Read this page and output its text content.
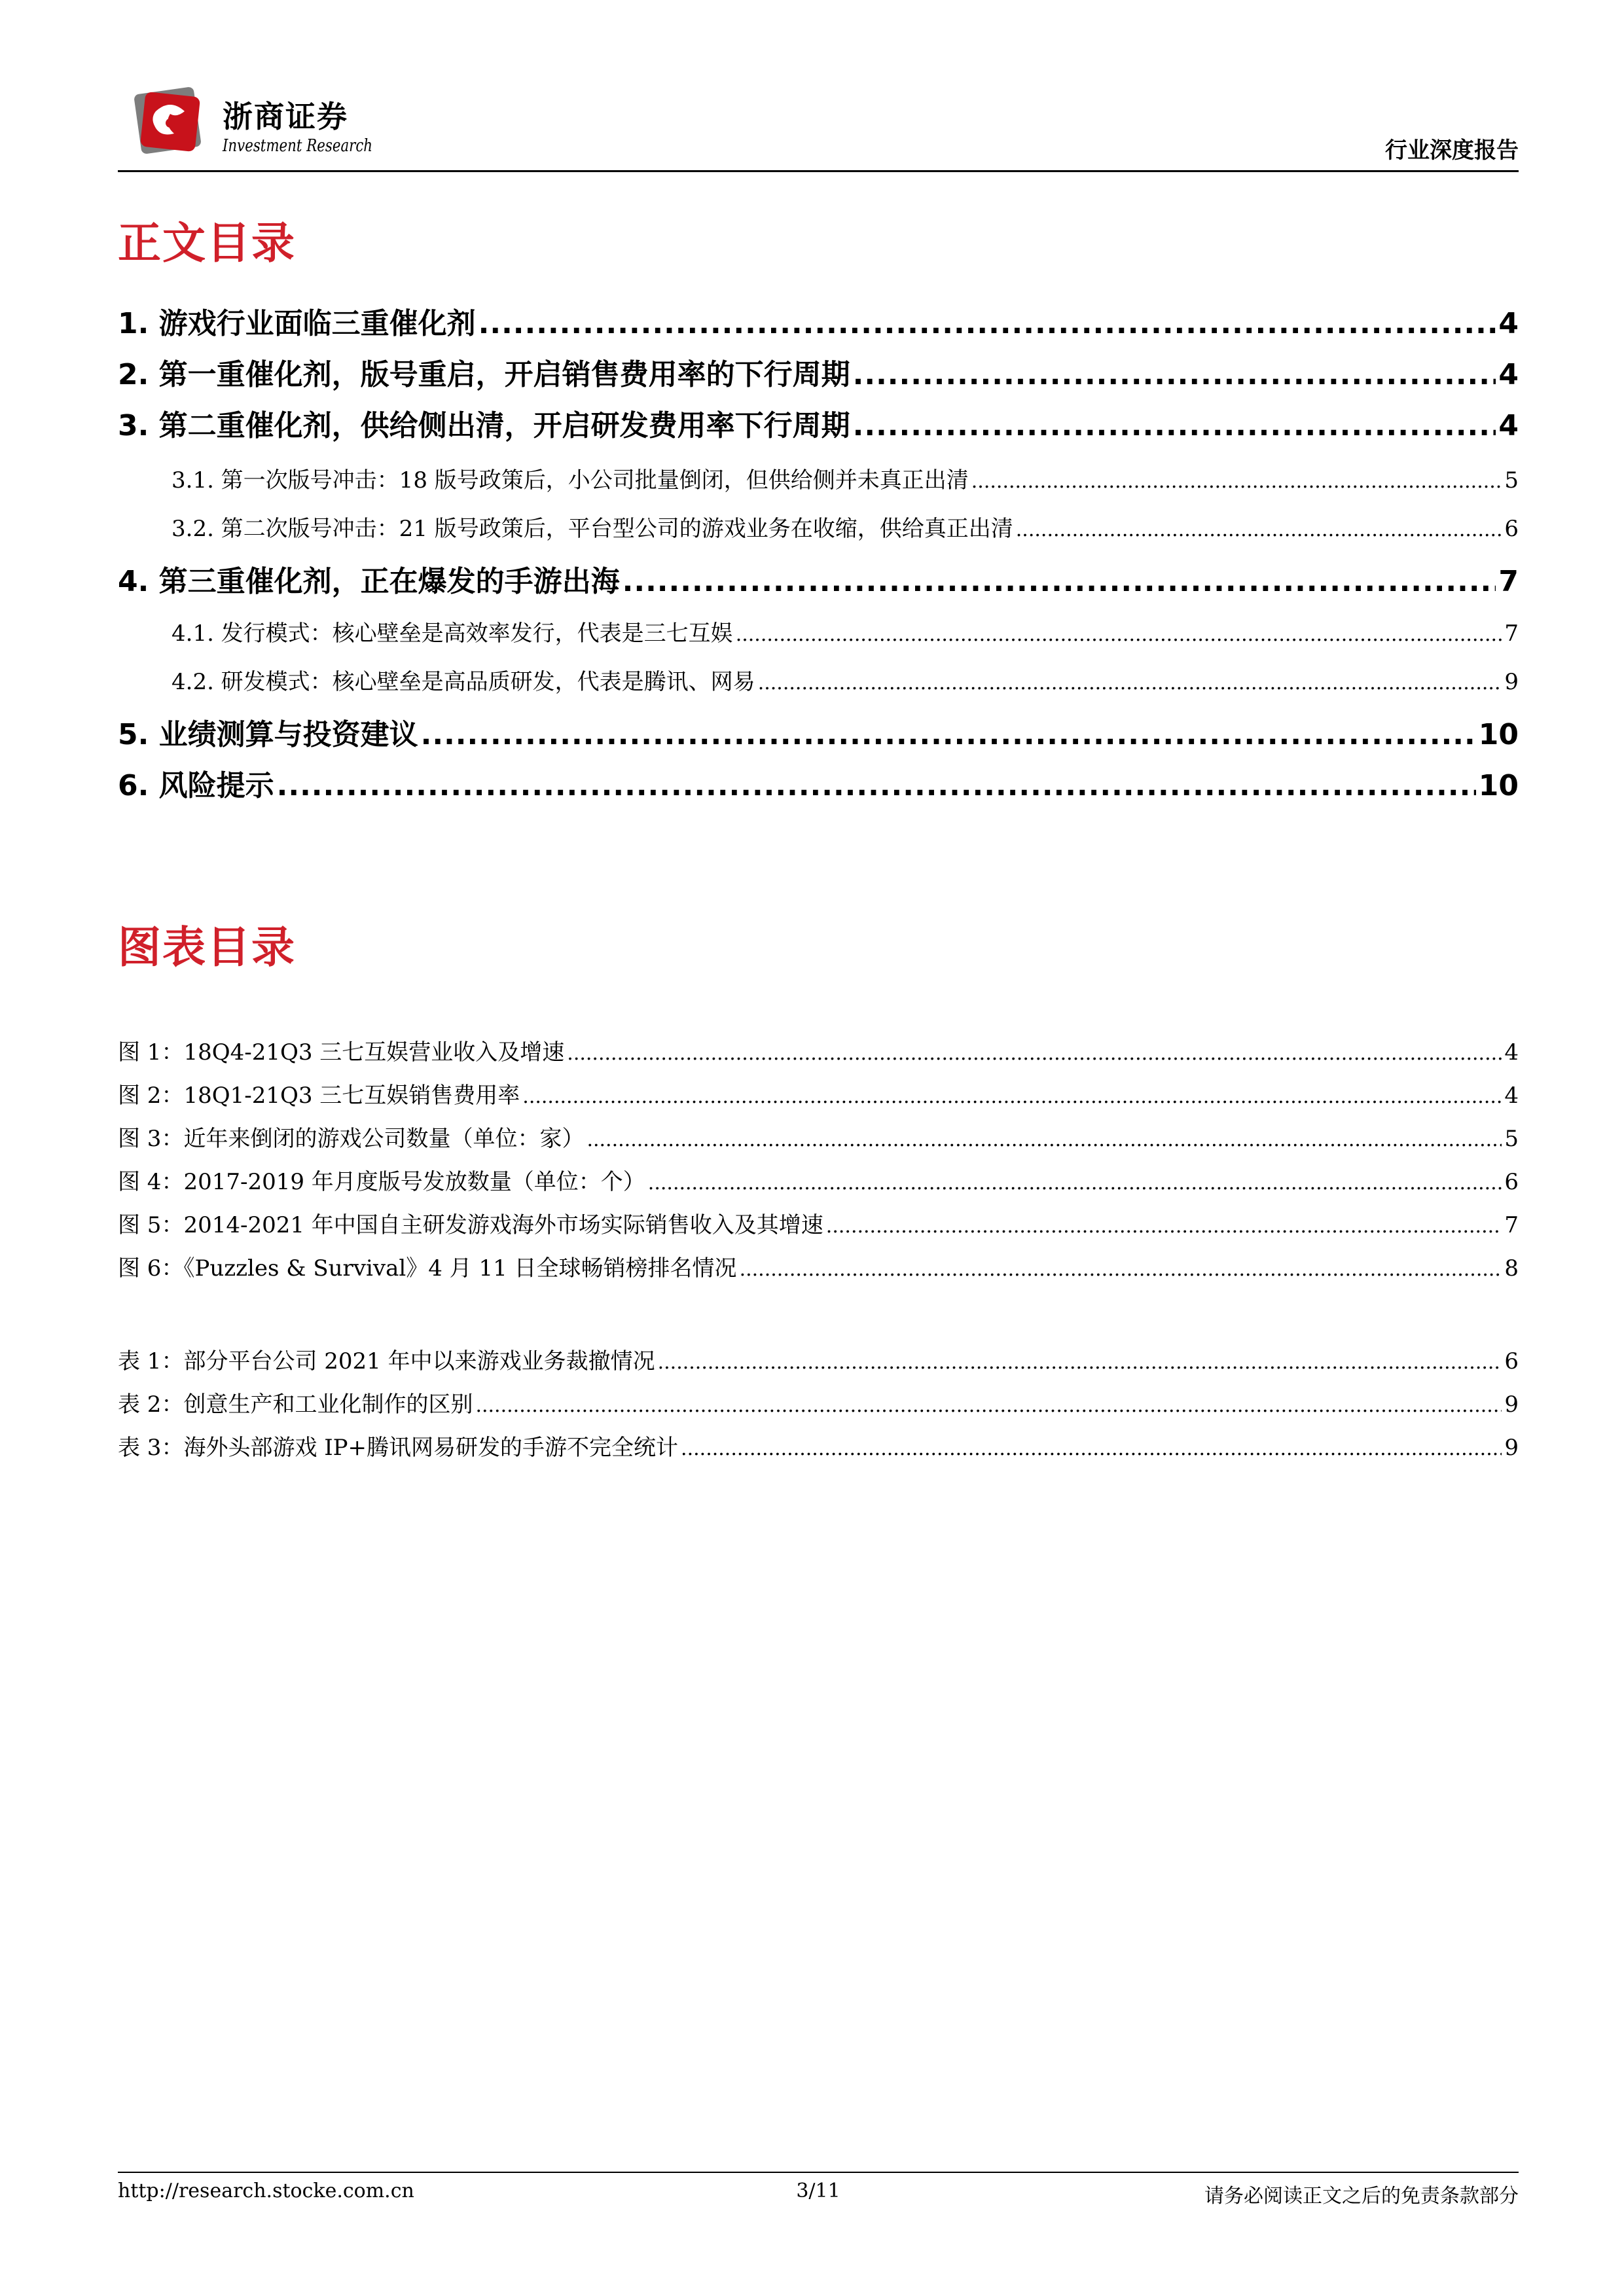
浙商证券
Investment Research	行业深度报告
正文目录
1. 游戏行业面临三重催化剂 .....	4
2. 第一重催化剂，版号重启，开启销售费用率的下行周期 .....	4
3. 第二重催化剂，供给侧出清，开启研发费用率下行周期 .....	4
3.1. 第一次版号冲击：18 版号政策后，小公司批量倒闭，但供给侧并未真正出清 .....	5
3.2. 第二次版号冲击：21 版号政策后，平台型公司的游戏业务在收缩，供给真正出清 .....	6
4. 第三重催化剂，正在爆发的手游出海 .....	7
4.1. 发行模式：核心壁垒是高效率发行，代表是三七互娱 .....	7
4.2. 研发模式：核心壁垒是高品质研发，代表是腾讯、网易 .....	9
5. 业绩测算与投资建议 .....	10
6. 风险提示 .....	10
图表目录
图 1：18Q4-21Q3 三七互娱营业收入及增速 .....	4
图 2：18Q1-21Q3 三七互娱销售费用率 .....	4
图 3：近年来倒闭的游戏公司数量（单位：家） .....	5
图 4：2017-2019 年月度版号发放数量（单位：个） .....	6
图 5：2014-2021 年中国自主研发游戏海外市场实际销售收入及其增速 .....	7
图 6：《Puzzles & Survival》4 月 11 日全球畅销榜排名情况 .....	8
表 1：部分平台公司 2021 年中以来游戏业务裁撤情况 .....	6
表 2：创意生产和工业化制作的区别 .....	9
表 3：海外头部游戏 IP+腾讯网易研发的手游不完全统计 .....	9
http://research.stocke.com.cn	3/11	请务必阅读正文之后的免责条款部分
